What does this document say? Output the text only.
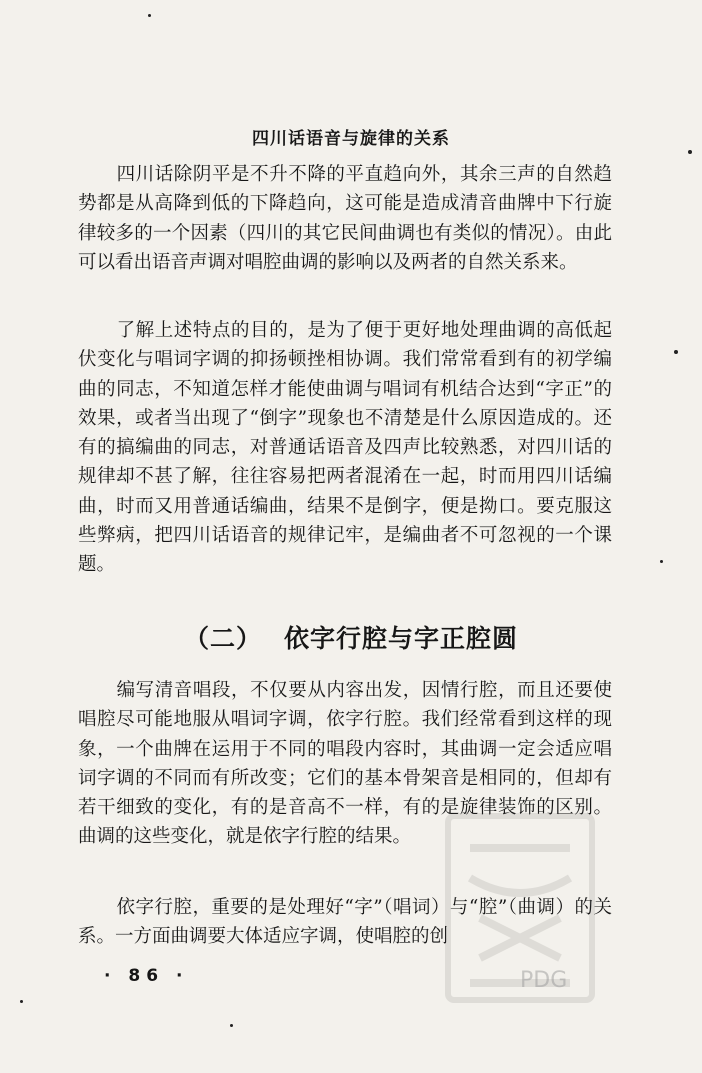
四川话语音与旋律的关系

四川话除阴平是不升不降的平直趋向外，其余三声的自然趋势都是从高降到低的下降趋向，这可能是造成清音曲牌中下行旋律较多的一个因素（四川的其它民间曲调也有类似的情况）。由此可以看出语音声调对唱腔曲调的影响以及两者的自然关系来。

了解上述特点的目的，是为了便于更好地处理曲调的高低起伏变化与唱词字调的抑扬顿挫相协调。我们常常看到有的初学编曲的同志，不知道怎样才能使曲调与唱词有机结合达到“字正”的效果，或者当出现了“倒字”现象也不清楚是什么原因造成的。还有的搞编曲的同志，对普通话语音及四声比较熟悉，对四川话的规律却不甚了解，往往容易把两者混淆在一起，时而用四川话编曲，时而又用普通话编曲，结果不是倒字，便是拗口。要克服这些弊病，把四川话语音的规律记牢，是编曲者不可忽视的一个课题。

（二） 依字行腔与字正腔圆

编写清音唱段，不仅要从内容出发，因情行腔，而且还要使唱腔尽可能地服从唱词字调，依字行腔。我们经常看到这样的现象，一个曲牌在运用于不同的唱段内容时，其曲调一定会适应唱词字调的不同而有所改变；它们的基本骨架音是相同的，但却有若干细致的变化，有的是音高不一样，有的是旋律装饰的区别。曲调的这些变化，就是依字行腔的结果。

依字行腔，重要的是处理好“字”（唱词）与“腔”（曲调）的关系。一方面曲调要大体适应字调，使唱腔的创

· 86 ·	PDG
